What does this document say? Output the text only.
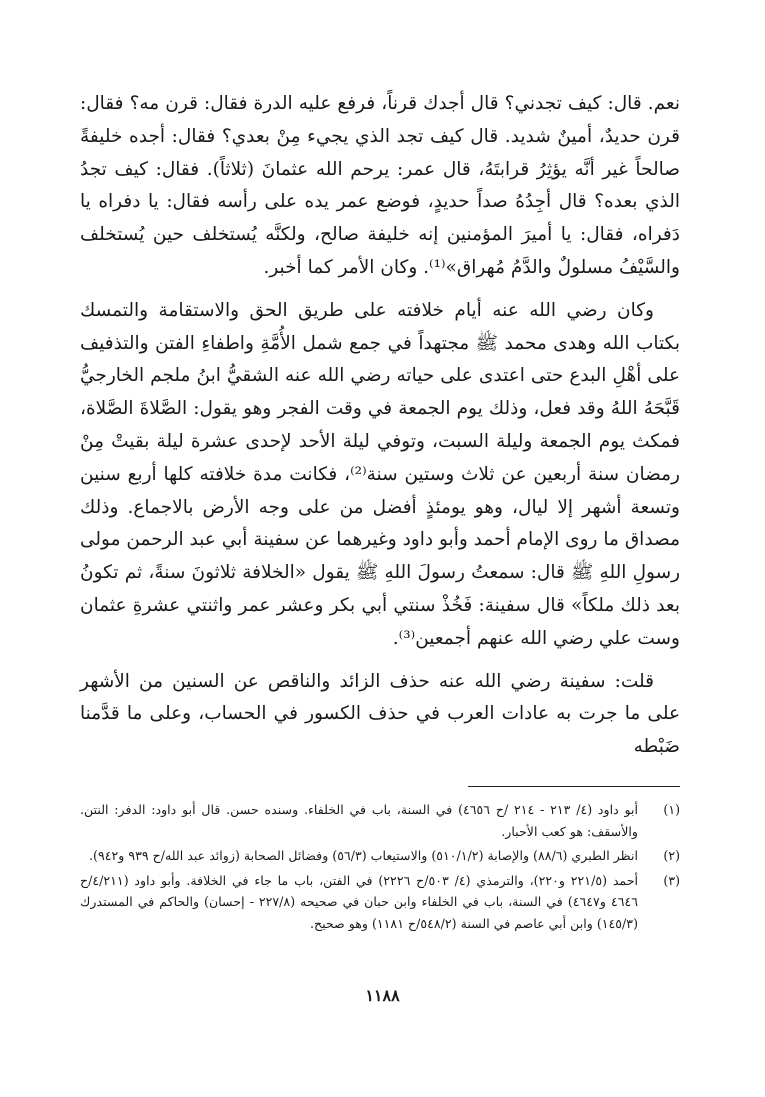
نعم. قال: كيف تجدني؟ قال أجدك قرناً، فرفع عليه الدرة فقال: قرن مه؟ فقال: قرن حديدٌ، أمينٌ شديد. قال كيف تجد الذي يجيء مِنْ بعدي؟ فقال: أجده خليفةً صالحاً غير أنَّه يؤثِرُ قرابتَهُ، قال عمر: يرحم الله عثمانَ (ثلاثاً). فقال: كيف تجدُ الذي بعده؟ قال أجِدُهُ صداً حديدٍ، فوضع عمر يده على رأسه فقال: يا دفراه يا دَفراه، فقال: يا أميرَ المؤمنين إنه خليفة صالح، ولكنَّه يُستخلف حين يُستخلف والسَّيْفُ مسلولٌ والدَّمُ مُهراق»⁽¹⁾. وكان الأمر كما أخبر.

وكان رضي الله عنه أيام خلافته على طريق الحق والاستقامة والتمسك بكتاب الله وهدى محمد ﷺ مجتهداً في جمع شمل الأُمَّةِ واطفاءِ الفتن والتذفيف على أهْلِ البدع حتى اعتدى على حياته رضي الله عنه الشقيُّ ابنُ ملجم الخارجيُّ قَبَّحَهُ اللهُ وقد فعل، وذلك يوم الجمعة في وقت الفجر وهو يقول: الصَّلاةَ الصَّلاة، فمكث يوم الجمعة وليلة السبت، وتوفي ليلة الأحد لإحدى عشرة ليلة بقيتْ مِنْ رمضان سنة أربعين عن ثلاث وستين سنة⁽²⁾، فكانت مدة خلافته كلها أربع سنين وتسعة أشهر إلا ليال، وهو يومئذٍ أفضل من على وجه الأرض بالاجماع. وذلك مصداق ما روى الإمام أحمد وأبو داود وغيرهما عن سفينة أبي عبد الرحمن مولى رسولِ اللهِ ﷺ قال: سمعتُ رسولَ اللهِ ﷺ يقول «الخلافة ثلاثونَ سنةً، ثم تكونُ بعد ذلك ملكاً» قال سفينة: فَخُذْ سنتي أبي بكر وعشر عمر واثنتي عشرةِ عثمان وست علي رضي الله عنهم أجمعين⁽³⁾.

قلت: سفينة رضي الله عنه حذف الزائد والناقص عن السنين من الأشهر على ما جرت به عادات العرب في حذف الكسور في الحساب، وعلى ما قدَّمنا ضَبْطه

(١)
أبو داود (٤/ ٢١٣ - ٢١٤ /ح ٤٦٥٦) في السنة، باب في الخلفاء. وسنده حسن. قال أبو داود: الدفر: النتن. والأسقف: هو كعب الأحبار.
(٢)
انظر الطبري (٨٨/٦) والإصابة (٥١٠/١/٢) والاستيعاب (٥٦/٣) وفضائل الصحابة (زوائد عبد الله/ح ٩٣٩ و٩٤٢).
(٣)
أحمد (٢٢١/٥ و٢٢٠)، والترمذي (٤/ ٥٠٣/ح ٢٢٢٦) في الفتن، باب ما جاء في الخلافة. وأبو داود (٤/٢١١/ح ٤٦٤٦ و٤٦٤٧) في السنة، باب في الخلفاء وابن حبان في صحيحه (٢٢٧/٨ - إحسان) والحاكم في المستدرك (١٤٥/٣) وابن أبي عاصم في السنة (٥٤٨/٢/ح ١١٨١) وهو صحيح.
١١٨٨
